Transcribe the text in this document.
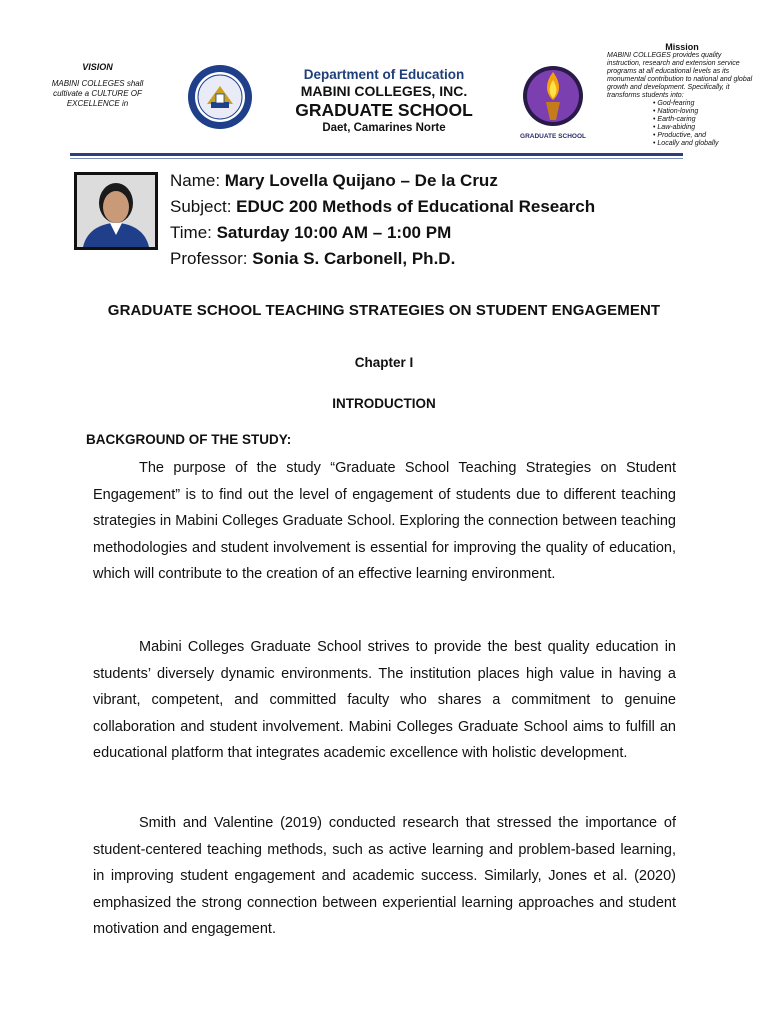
VISION
MABINI COLLEGES shall cultivate a CULTURE OF EXCELLENCE in
Department of Education
MABINI COLLEGES, INC.
GRADUATE SCHOOL
Daet, Camarines Norte
GRADUATE SCHOOL
Mission
MABINI COLLEGES provides quality instruction, research and extension service programs at all educational levels as its monumental contribution to national and global growth and development. Specifically, it transforms students into:
• God-fearing
• Nation-loving
• Earth-caring
• Law-abiding
• Productive, and
• Locally and globally
Name: Mary Lovella Quijano – De la Cruz
Subject: EDUC 200 Methods of Educational Research
Time: Saturday 10:00 AM – 1:00 PM
Professor: Sonia S. Carbonell, Ph.D.
GRADUATE SCHOOL TEACHING STRATEGIES ON STUDENT ENGAGEMENT
Chapter I
INTRODUCTION
BACKGROUND OF THE STUDY:
The purpose of the study “Graduate School Teaching Strategies on Student Engagement” is to find out the level of engagement of students due to different teaching strategies in Mabini Colleges Graduate School. Exploring the connection between teaching methodologies and student involvement is essential for improving the quality of education, which will contribute to the creation of an effective learning environment.
Mabini Colleges Graduate School strives to provide the best quality education in students’ diversely dynamic environments. The institution places high value in having a vibrant, competent, and committed faculty who shares a commitment to genuine collaboration and student involvement. Mabini Colleges Graduate School aims to fulfill an educational platform that integrates academic excellence with holistic development.
Smith and Valentine (2019) conducted research that stressed the importance of student-centered teaching methods, such as active learning and problem-based learning, in improving student engagement and academic success. Similarly, Jones et al. (2020) emphasized the strong connection between experiential learning approaches and student motivation and engagement.
